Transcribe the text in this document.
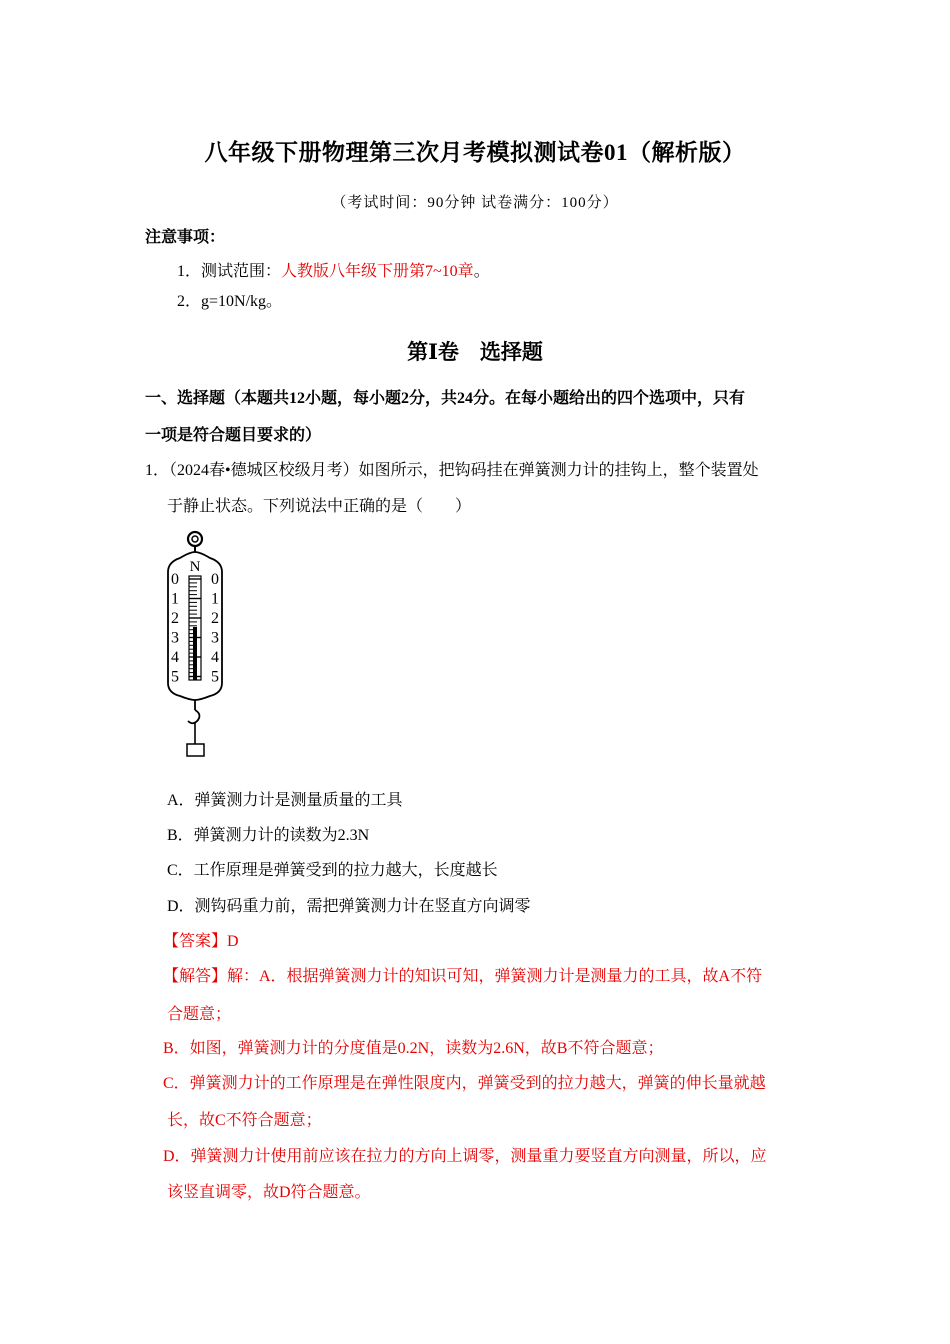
八年级下册物理第三次月考模拟测试卷01（解析版）
（考试时间：90分钟 试卷满分：100分）
注意事项：
1．测试范围：人教版八年级下册第7~10章。
2．g=10N/kg。
第Ⅰ卷　选择题
一、选择题（本题共12小题，每小题2分，共24分。在每小题给出的四个选项中，只有
一项是符合题目要求的）
1．（2024春•德城区校级月考）如图所示，把钩码挂在弹簧测力计的挂钩上，整个装置处
于静止状态。下列说法中正确的是（　　）
N
0
1
2
3
4
5
0
1
2
3
4
5
A．弹簧测力计是测量质量的工具
B．弹簧测力计的读数为2.3N
C．工作原理是弹簧受到的拉力越大，长度越长
D．测钩码重力前，需把弹簧测力计在竖直方向调零
【答案】D
【解答】解：A．根据弹簧测力计的知识可知，弹簧测力计是测量力的工具，故A不符
合题意；
B．如图，弹簧测力计的分度值是0.2N，读数为2.6N，故B不符合题意；
C．弹簧测力计的工作原理是在弹性限度内，弹簧受到的拉力越大，弹簧的伸长量就越
长，故C不符合题意；
D．弹簧测力计使用前应该在拉力的方向上调零，测量重力要竖直方向测量，所以，应
该竖直调零，故D符合题意。
